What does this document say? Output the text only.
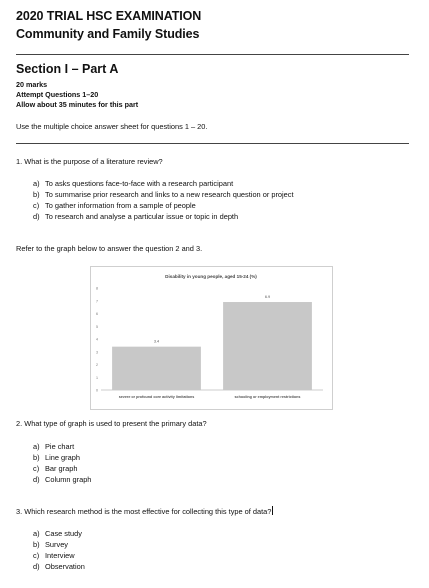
2020 TRIAL HSC EXAMINATION
Community and Family Studies
Section I – Part A
20 marks
Attempt Questions 1–20
Allow about 35 minutes for this part
Use the multiple choice answer sheet for questions 1 – 20.
1. What is the purpose of a literature review?
a) To asks questions face-to-face with a research participant
b) To summarise prior research and links to a new research question or project
c) To gather information from a sample of people
d) To research and analyse a particular issue or topic in depth
Refer to the graph below to answer the question 2 and 3.
Disability in young people, aged 15-24 (%)
0
1
2
3
4
5
6
7
8
3.4
severe or profound core activity limitations
6.9
schooling or employment restrictions
2. What type of graph is used to present the primary data?
a) Pie chart
b) Line graph
c) Bar graph
d) Column graph
3. Which research method is the most effective for collecting this type of data?
a) Case study
b) Survey
c) Interview
d) Observation
